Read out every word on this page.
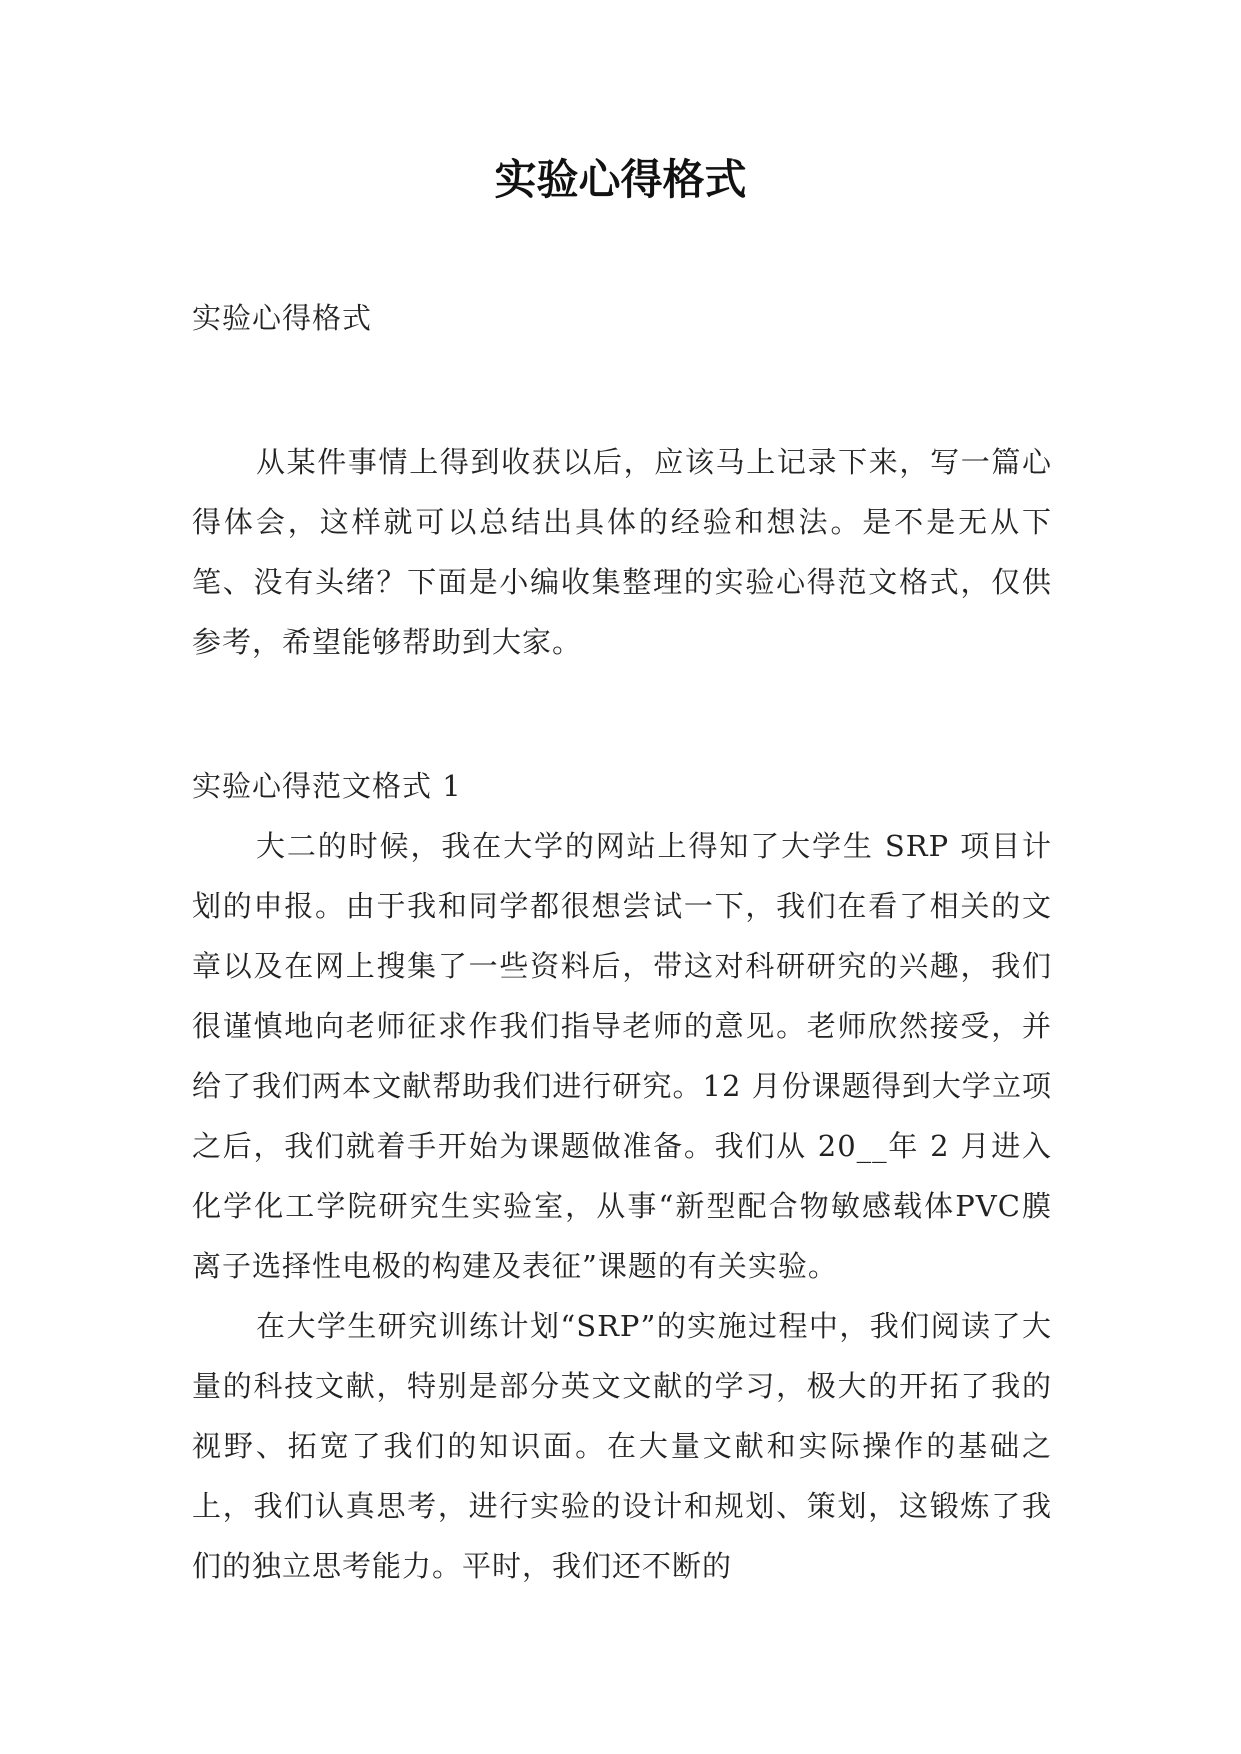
实验心得格式

实验心得格式

从某件事情上得到收获以后，应该马上记录下来，写一篇心得体会，这样就可以总结出具体的经验和想法。是不是无从下笔、没有头绪？下面是小编收集整理的实验心得范文格式，仅供参考，希望能够帮助到大家。

实验心得范文格式 1

大二的时候，我在大学的网站上得知了大学生 SRP 项目计划的申报。由于我和同学都很想尝试一下，我们在看了相关的文章以及在网上搜集了一些资料后，带这对科研研究的兴趣，我们很谨慎地向老师征求作我们指导老师的意见。老师欣然接受，并给了我们两本文献帮助我们进行研究。12 月份课题得到大学立项之后，我们就着手开始为课题做准备。我们从 20__年 2 月进入化学化工学院研究生实验室，从事“新型配合物敏感载体PVC膜离子选择性电极的构建及表征”课题的有关实验。

在大学生研究训练计划“SRP”的实施过程中，我们阅读了大量的科技文献，特别是部分英文文献的学习，极大的开拓了我的视野、拓宽了我们的知识面。在大量文献和实际操作的基础之上，我们认真思考，进行实验的设计和规划、策划，这锻炼了我们的独立思考能力。平时，我们还不断的
